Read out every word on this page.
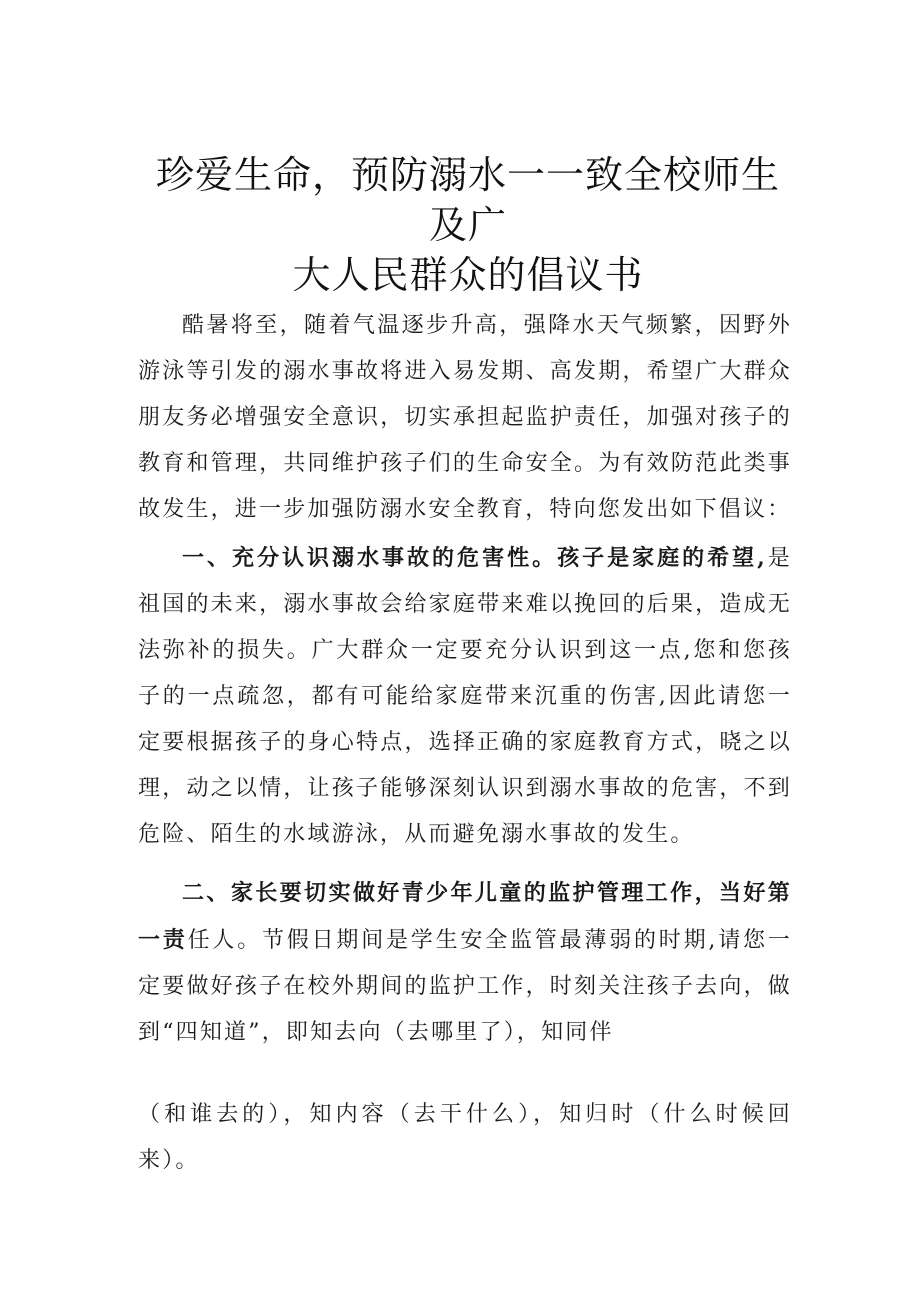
珍爱生命，预防溺水一一致全校师生及广
大人民群众的倡议书

酷暑将至，随着气温逐步升高，强降水天气频繁，因野外游泳等引发的溺水事故将进入易发期、高发期，希望广大群众朋友务必增强安全意识，切实承担起监护责任，加强对孩子的教育和管理，共同维护孩子们的生命安全。为有效防范此类事故发生，进一步加强防溺水安全教育，特向您发出如下倡议：

一、充分认识溺水事故的危害性。孩子是家庭的希望,是祖国的未来，溺水事故会给家庭带来难以挽回的后果，造成无法弥补的损失。广大群众一定要充分认识到这一点,您和您孩子的一点疏忽，都有可能给家庭带来沉重的伤害,因此请您一定要根据孩子的身心特点，选择正确的家庭教育方式，晓之以理，动之以情，让孩子能够深刻认识到溺水事故的危害，不到危险、陌生的水域游泳，从而避免溺水事故的发生。

二、家长要切实做好青少年儿童的监护管理工作，当好第一责任人。节假日期间是学生安全监管最薄弱的时期,请您一定要做好孩子在校外期间的监护工作，时刻关注孩子去向，做到“四知道”，即知去向（去哪里了），知同伴

（和谁去的），知内容（去干什么），知归时（什么时候回来）。
